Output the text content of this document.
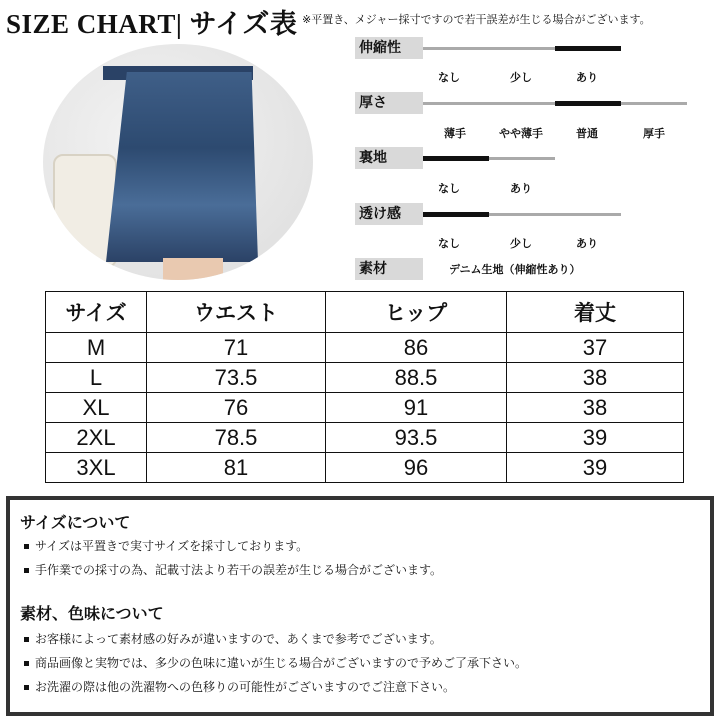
SIZE CHART| サイズ表 ※平置き、メジャー採寸ですので若干誤差が生じる場合がございます。
伸縮性
なし	少し	あり
厚さ
薄手	やや薄手	普通	厚手
裏地
なし	あり
透け感
なし	少し	あり
素材	デニム生地（伸縮性あり）
サイズ	ウエスト	ヒップ	着丈
M	71	86	37
L	73.5	88.5	38
XL	76	91	38
2XL	78.5	93.5	39
3XL	81	96	39
サイズについて
サイズは平置きで実寸サイズを採寸しております。
手作業での採寸の為、記載寸法より若干の誤差が生じる場合がございます。
素材、色味について
お客様によって素材感の好みが違いますので、あくまで参考でございます。
商品画像と実物では、多少の色味に違いが生じる場合がございますので予めご了承下さい。
お洗濯の際は他の洗濯物への色移りの可能性がございますのでご注意下さい。
